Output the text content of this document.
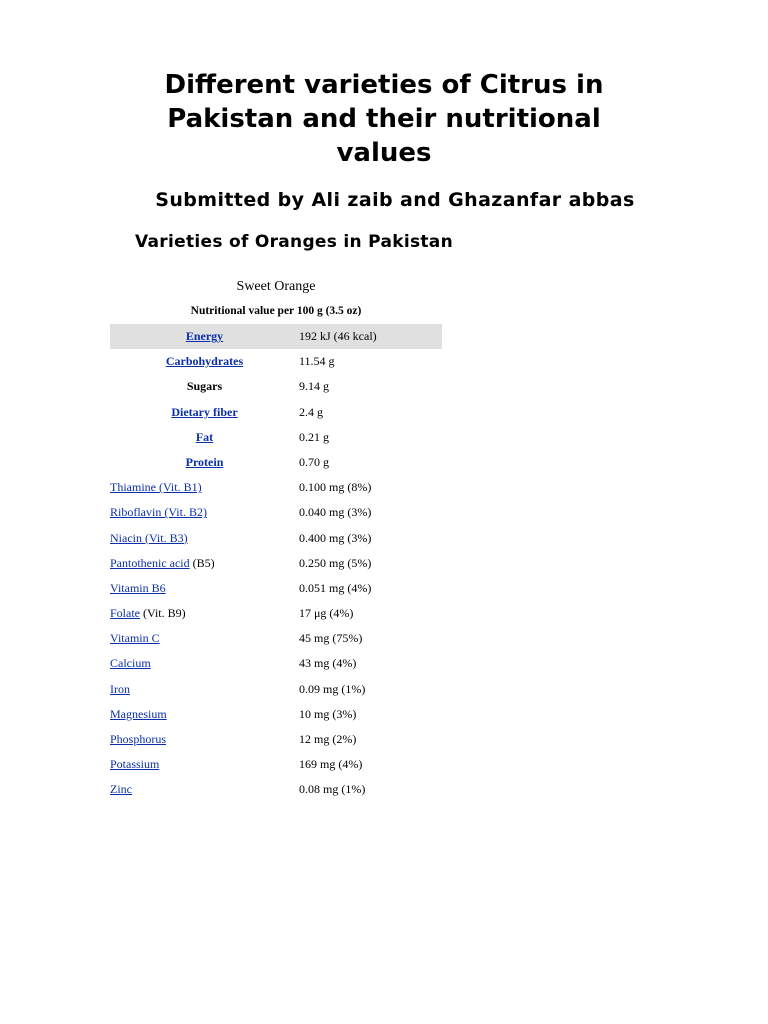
Different varieties of Citrus in
Pakistan and their nutritional
values
Submitted by Ali zaib and Ghazanfar abbas
Varieties of Oranges in Pakistan
Sweet Orange
Nutritional value per 100 g (3.5 oz)
Energy	192 kJ (46 kcal)
Carbohydrates	11.54 g
Sugars	9.14 g
Dietary fiber	2.4 g
Fat	0.21 g
Protein	0.70 g
Thiamine (Vit. B1)	0.100 mg (8%)
Riboflavin (Vit. B2)	0.040 mg (3%)
Niacin (Vit. B3)	0.400 mg (3%)
Pantothenic acid (B5)	0.250 mg (5%)
Vitamin B6	0.051 mg (4%)
Folate (Vit. B9)	17 μg (4%)
Vitamin C	45 mg (75%)
Calcium	43 mg (4%)
Iron	0.09 mg (1%)
Magnesium	10 mg (3%)
Phosphorus	12 mg (2%)
Potassium	169 mg (4%)
Zinc	0.08 mg (1%)
